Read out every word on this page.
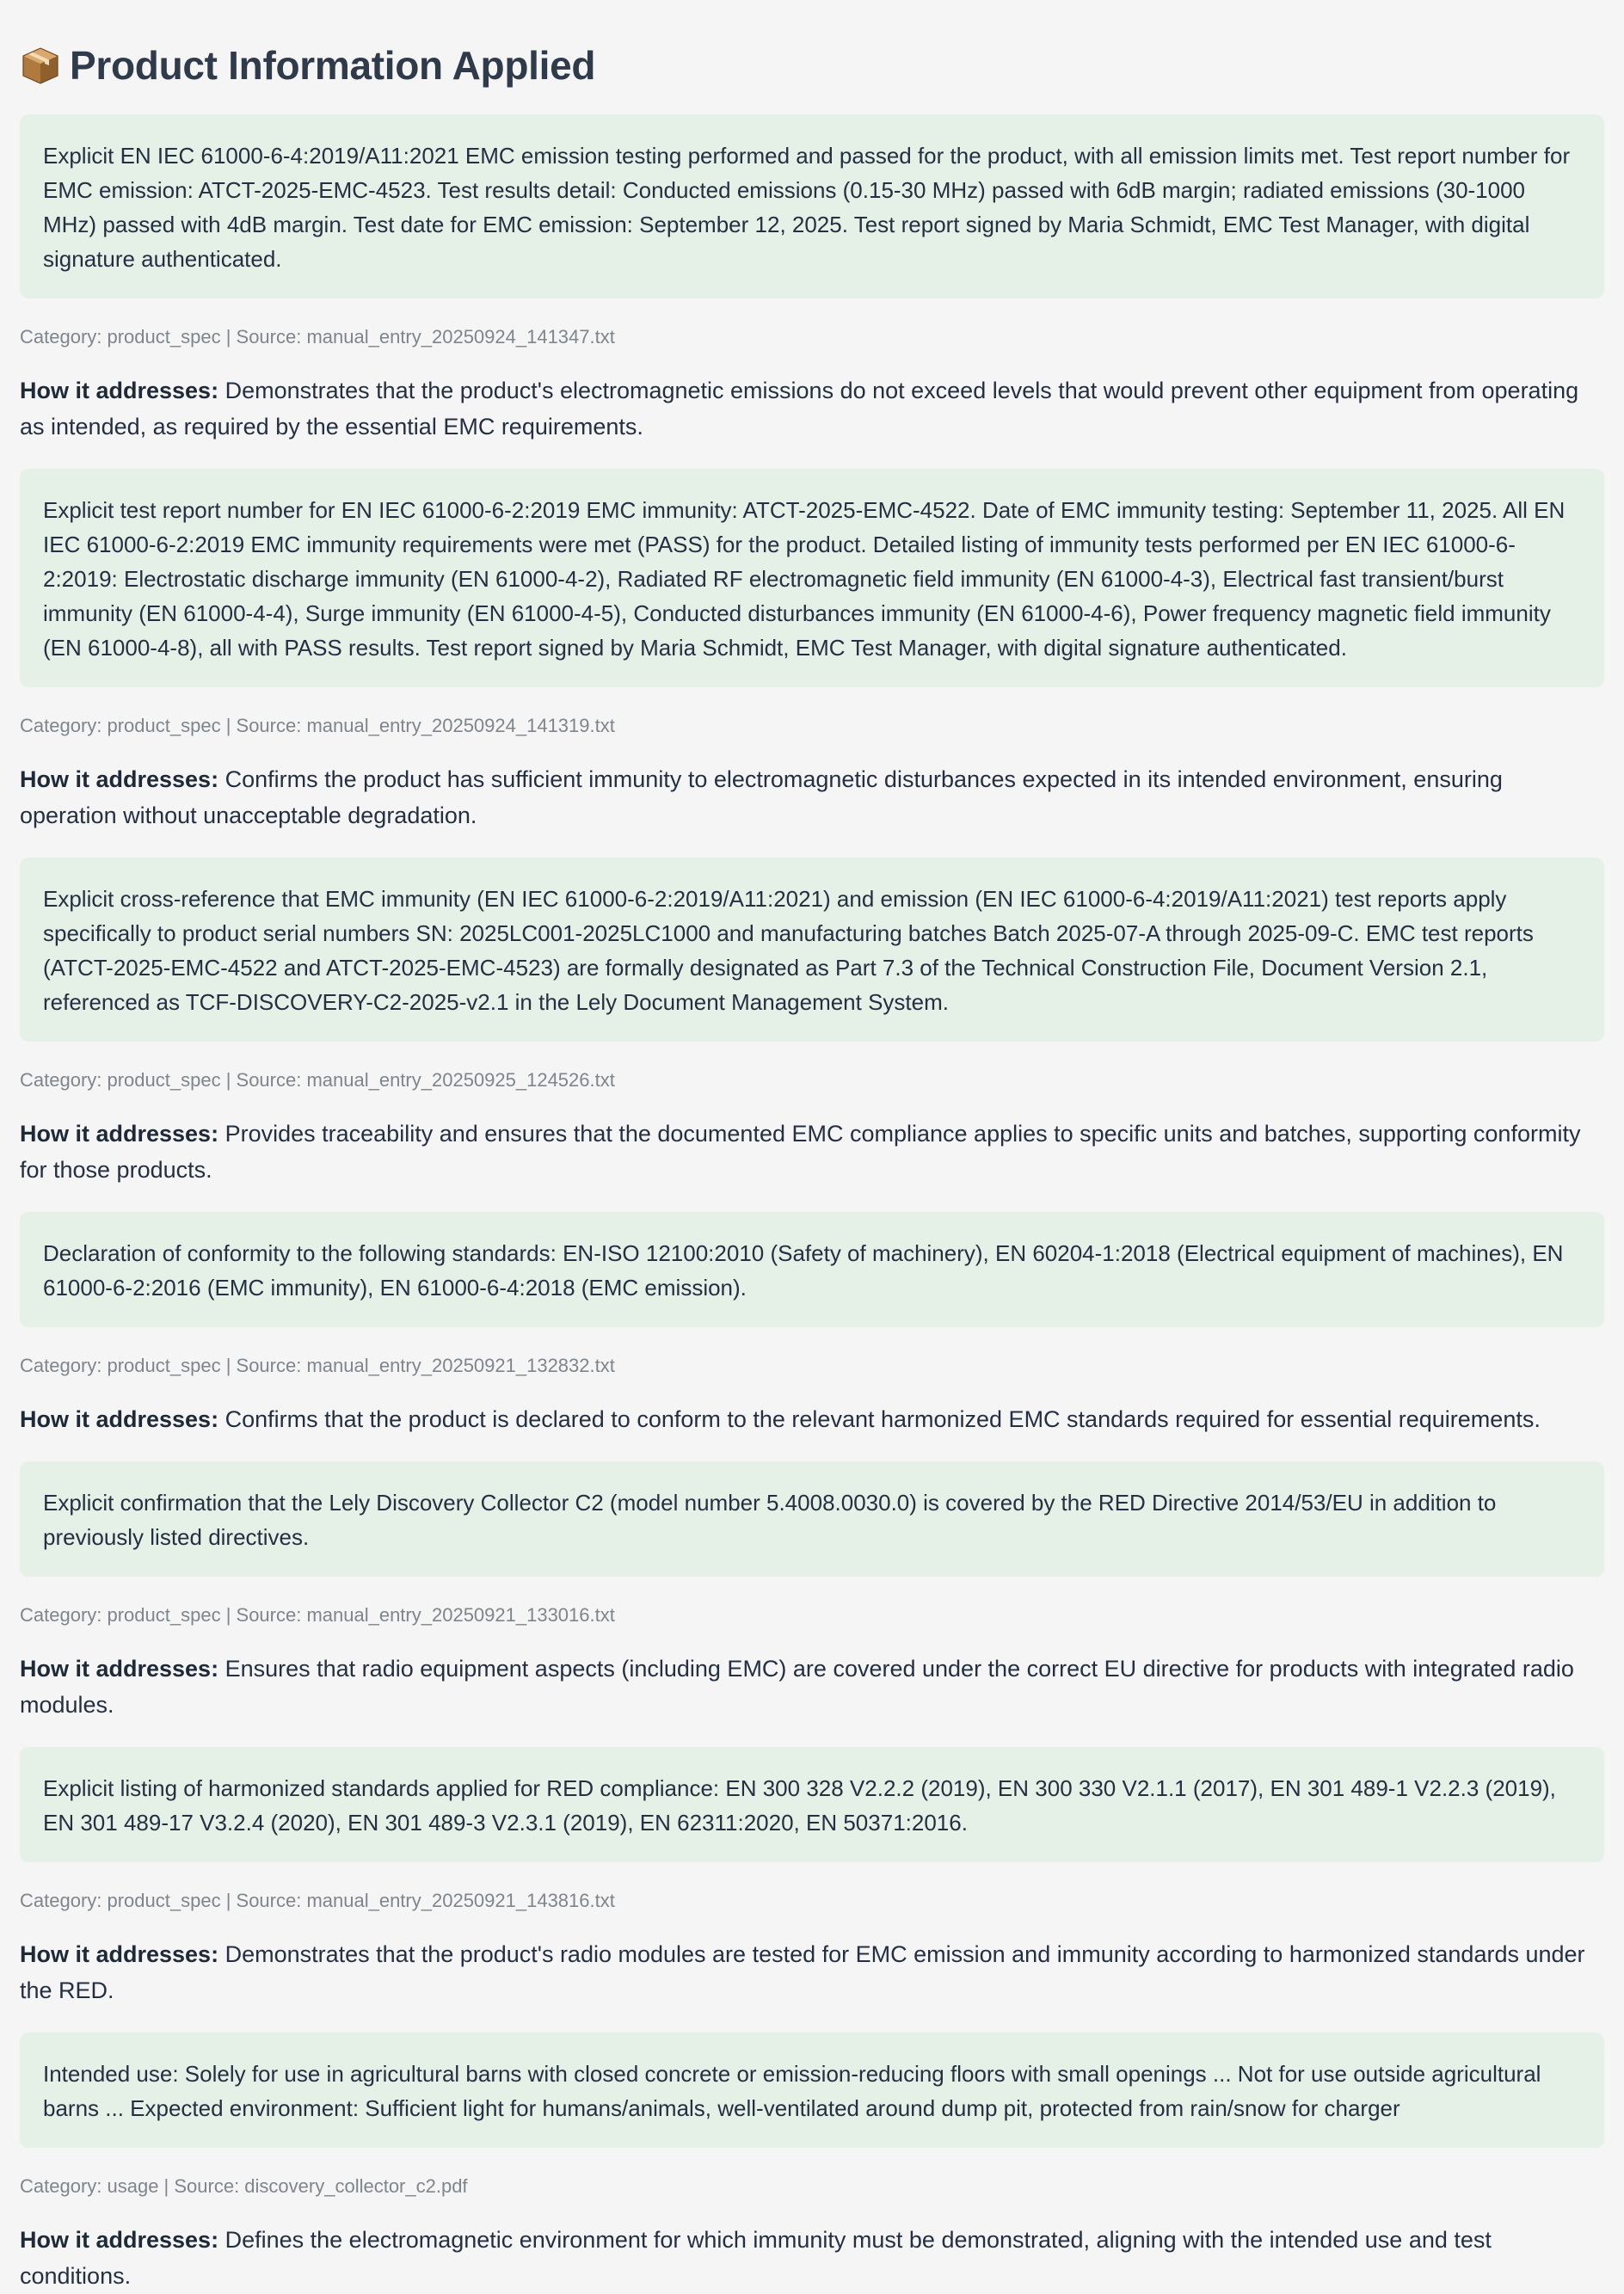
Product Information Applied
Explicit EN IEC 61000-6-4:2019/A11:2021 EMC emission testing performed and passed for the product, with all emission limits met. Test report number for EMC emission: ATCT-2025-EMC-4523. Test results detail: Conducted emissions (0.15-30 MHz) passed with 6dB margin; radiated emissions (30-1000 MHz) passed with 4dB margin. Test date for EMC emission: September 12, 2025. Test report signed by Maria Schmidt, EMC Test Manager, with digital signature authenticated.
Category: product_spec | Source: manual_entry_20250924_141347.txt
How it addresses: Demonstrates that the product's electromagnetic emissions do not exceed levels that would prevent other equipment from operating as intended, as required by the essential EMC requirements.
Explicit test report number for EN IEC 61000-6-2:2019 EMC immunity: ATCT-2025-EMC-4522. Date of EMC immunity testing: September 11, 2025. All EN IEC 61000-6-2:2019 EMC immunity requirements were met (PASS) for the product. Detailed listing of immunity tests performed per EN IEC 61000-6-2:2019: Electrostatic discharge immunity (EN 61000-4-2), Radiated RF electromagnetic field immunity (EN 61000-4-3), Electrical fast transient/burst immunity (EN 61000-4-4), Surge immunity (EN 61000-4-5), Conducted disturbances immunity (EN 61000-4-6), Power frequency magnetic field immunity (EN 61000-4-8), all with PASS results. Test report signed by Maria Schmidt, EMC Test Manager, with digital signature authenticated.
Category: product_spec | Source: manual_entry_20250924_141319.txt
How it addresses: Confirms the product has sufficient immunity to electromagnetic disturbances expected in its intended environment, ensuring operation without unacceptable degradation.
Explicit cross-reference that EMC immunity (EN IEC 61000-6-2:2019/A11:2021) and emission (EN IEC 61000-6-4:2019/A11:2021) test reports apply specifically to product serial numbers SN: 2025LC001-2025LC1000 and manufacturing batches Batch 2025-07-A through 2025-09-C. EMC test reports (ATCT-2025-EMC-4522 and ATCT-2025-EMC-4523) are formally designated as Part 7.3 of the Technical Construction File, Document Version 2.1, referenced as TCF-DISCOVERY-C2-2025-v2.1 in the Lely Document Management System.
Category: product_spec | Source: manual_entry_20250925_124526.txt
How it addresses: Provides traceability and ensures that the documented EMC compliance applies to specific units and batches, supporting conformity for those products.
Declaration of conformity to the following standards: EN-ISO 12100:2010 (Safety of machinery), EN 60204-1:2018 (Electrical equipment of machines), EN 61000-6-2:2016 (EMC immunity), EN 61000-6-4:2018 (EMC emission).
Category: product_spec | Source: manual_entry_20250921_132832.txt
How it addresses: Confirms that the product is declared to conform to the relevant harmonized EMC standards required for essential requirements.
Explicit confirmation that the Lely Discovery Collector C2 (model number 5.4008.0030.0) is covered by the RED Directive 2014/53/EU in addition to previously listed directives.
Category: product_spec | Source: manual_entry_20250921_133016.txt
How it addresses: Ensures that radio equipment aspects (including EMC) are covered under the correct EU directive for products with integrated radio modules.
Explicit listing of harmonized standards applied for RED compliance: EN 300 328 V2.2.2 (2019), EN 300 330 V2.1.1 (2017), EN 301 489-1 V2.2.3 (2019), EN 301 489-17 V3.2.4 (2020), EN 301 489-3 V2.3.1 (2019), EN 62311:2020, EN 50371:2016.
Category: product_spec | Source: manual_entry_20250921_143816.txt
How it addresses: Demonstrates that the product's radio modules are tested for EMC emission and immunity according to harmonized standards under the RED.
Intended use: Solely for use in agricultural barns with closed concrete or emission-reducing floors with small openings ... Not for use outside agricultural barns ... Expected environment: Sufficient light for humans/animals, well-ventilated around dump pit, protected from rain/snow for charger
Category: usage | Source: discovery_collector_c2.pdf
How it addresses: Defines the electromagnetic environment for which immunity must be demonstrated, aligning with the intended use and test conditions.
